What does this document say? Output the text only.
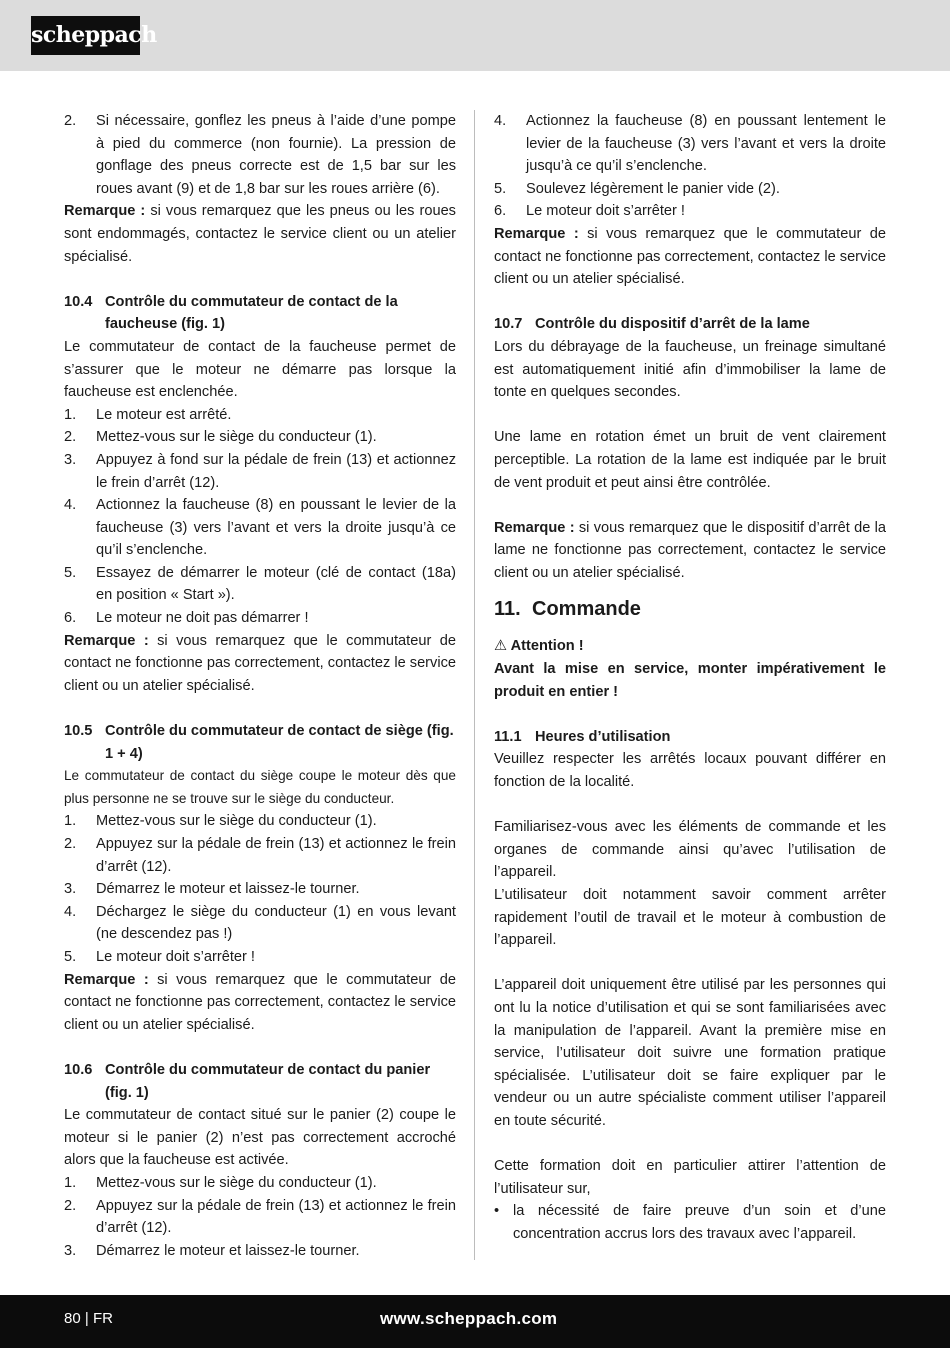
scheppach
2. Si nécessaire, gonflez les pneus à l’aide d’une pompe à pied du commerce (non fournie). La pression de gonflage des pneus correcte est de 1,5 bar sur les roues avant (9) et de 1,8 bar sur les roues arrière (6).

Remarque : si vous remarquez que les pneus ou les roues sont endommagés, contactez le service client ou un atelier spécialisé.

10.4 Contrôle du commutateur de contact de la faucheuse (fig. 1)

Le commutateur de contact de la faucheuse permet de s’assurer que le moteur ne démarre pas lorsque la faucheuse est enclenchée.

1. Le moteur est arrêté.
2. Mettez-vous sur le siège du conducteur (1).
3. Appuyez à fond sur la pédale de frein (13) et actionnez le frein d’arrêt (12).
4. Actionnez la faucheuse (8) en poussant le levier de la faucheuse (3) vers l’avant et vers la droite jusqu’à ce qu’il s’enclenche.
5. Essayez de démarrer le moteur (clé de contact (18a) en position « Start »).
6. Le moteur ne doit pas démarrer !

Remarque : si vous remarquez que le commutateur de contact ne fonctionne pas correctement, contactez le service client ou un atelier spécialisé.

10.5 Contrôle du commutateur de contact de siège (fig. 1 + 4)

Le commutateur de contact du siège coupe le moteur dès que plus personne ne se trouve sur le siège du conducteur.

1. Mettez-vous sur le siège du conducteur (1).
2. Appuyez sur la pédale de frein (13) et actionnez le frein d’arrêt (12).
3. Démarrez le moteur et laissez-le tourner.
4. Déchargez le siège du conducteur (1) en vous levant (ne descendez pas !)
5. Le moteur doit s’arrêter !

Remarque : si vous remarquez que le commutateur de contact ne fonctionne pas correctement, contactez le service client ou un atelier spécialisé.

10.6 Contrôle du commutateur de contact du panier (fig. 1)

Le commutateur de contact situé sur le panier (2) coupe le moteur si le panier (2) n’est pas correctement accroché alors que la faucheuse est activée.

1. Mettez-vous sur le siège du conducteur (1).
2. Appuyez sur la pédale de frein (13) et actionnez le frein d’arrêt (12).
3. Démarrez le moteur et laissez-le tourner.
4. Actionnez la faucheuse (8) en poussant lentement le levier de la faucheuse (3) vers l’avant et vers la droite jusqu’à ce qu’il s’enclenche.
5. Soulevez légèrement le panier vide (2).
6. Le moteur doit s’arrêter !

Remarque : si vous remarquez que le commutateur de contact ne fonctionne pas correctement, contactez le service client ou un atelier spécialisé.

10.7 Contrôle du dispositif d’arrêt de la lame

Lors du débrayage de la faucheuse, un freinage simultané est automatiquement initié afin d’immobiliser la lame de tonte en quelques secondes.

Une lame en rotation émet un bruit de vent clairement perceptible. La rotation de la lame est indiquée par le bruit de vent produit et peut ainsi être contrôlée.

Remarque : si vous remarquez que le dispositif d’arrêt de la lame ne fonctionne pas correctement, contactez le service client ou un atelier spécialisé.

11. Commande

⚠ Attention !

Avant la mise en service, monter impérativement le produit en entier !

11.1 Heures d’utilisation

Veuillez respecter les arrêtés locaux pouvant différer en fonction de la localité.

Familiarisez-vous avec les éléments de commande et les organes de commande ainsi qu’avec l’utilisation de l’appareil.

L’utilisateur doit notamment savoir comment arrêter rapidement l’outil de travail et le moteur à combustion de l’appareil.

L’appareil doit uniquement être utilisé par les personnes qui ont lu la notice d’utilisation et qui se sont familiarisées avec la manipulation de l’appareil. Avant la première mise en service, l’utilisateur doit suivre une formation pratique spécialisée. L’utilisateur doit se faire expliquer par le vendeur ou un autre spécialiste comment utiliser l’appareil en toute sécurité.

Cette formation doit en particulier attirer l’attention de l’utilisateur sur,

• la nécessité de faire preuve d’un soin et d’une concentration accrus lors des travaux avec l’appareil.
80 | FR	www.scheppach.com
